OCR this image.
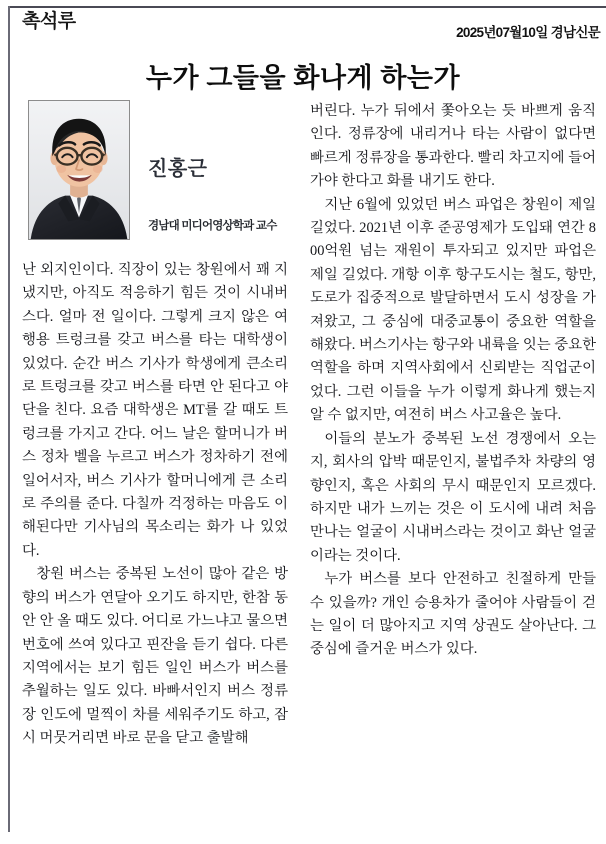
촉석루
2025년07월10일 경남신문
누가 그들을 화나게 하는가
진홍근
경남대 미디어영상학과 교수

난 외지인이다. 직장이 있는 창원에서 꽤 지냈지만, 아직도 적응하기 힘든 것이 시내버스다. 얼마 전 일이다. 그렇게 크지 않은 여행용 트렁크를 갖고 버스를 타는 대학생이 있었다. 순간 버스 기사가 학생에게 큰소리로 트렁크를 갖고 버스를 타면 안 된다고 야단을 친다. 요즘 대학생은 MT를 갈 때도 트렁크를 가지고 간다. 어느 날은 할머니가 버스 정차 벨을 누르고 버스가 정차하기 전에 일어서자, 버스 기사가 할머니에게 큰 소리로 주의를 준다. 다칠까 걱정하는 마음도 이해된다만 기사님의 목소리는 화가 나 있었다.

창원 버스는 중복된 노선이 많아 같은 방향의 버스가 연달아 오기도 하지만, 한참 동안 안 올 때도 있다. 어디로 가느냐고 물으면 번호에 쓰여 있다고 핀잔을 듣기 쉽다. 다른 지역에서는 보기 힘든 일인 버스가 버스를 추월하는 일도 있다. 바빠서인지 버스 정류장 인도에 멀찍이 차를 세워주기도 하고, 잠시 머뭇거리면 바로 문을 닫고 출발해

버린다. 누가 뒤에서 쫓아오는 듯 바쁘게 움직인다. 정류장에 내리거나 타는 사람이 없다면 빠르게 정류장을 통과한다. 빨리 차고지에 들어가야 한다고 화를 내기도 한다.

지난 6월에 있었던 버스 파업은 창원이 제일 길었다. 2021년 이후 준공영제가 도입돼 연간 800억원 넘는 재원이 투자되고 있지만 파업은 제일 길었다. 개항 이후 항구도시는 철도, 항만, 도로가 집중적으로 발달하면서 도시 성장을 가져왔고, 그 중심에 대중교통이 중요한 역할을 해왔다. 버스기사는 항구와 내륙을 잇는 중요한 역할을 하며 지역사회에서 신뢰받는 직업군이었다. 그런 이들을 누가 이렇게 화나게 했는지 알 수 없지만, 여전히 버스 사고율은 높다.

이들의 분노가 중복된 노선 경쟁에서 오는지, 회사의 압박 때문인지, 불법주차 차량의 영향인지, 혹은 사회의 무시 때문인지 모르겠다. 하지만 내가 느끼는 것은 이 도시에 내려 처음 만나는 얼굴이 시내버스라는 것이고 화난 얼굴이라는 것이다.

누가 버스를 보다 안전하고 친절하게 만들 수 있을까? 개인 승용차가 줄어야 사람들이 걷는 일이 더 많아지고 지역 상권도 살아난다. 그 중심에 즐거운 버스가 있다.
